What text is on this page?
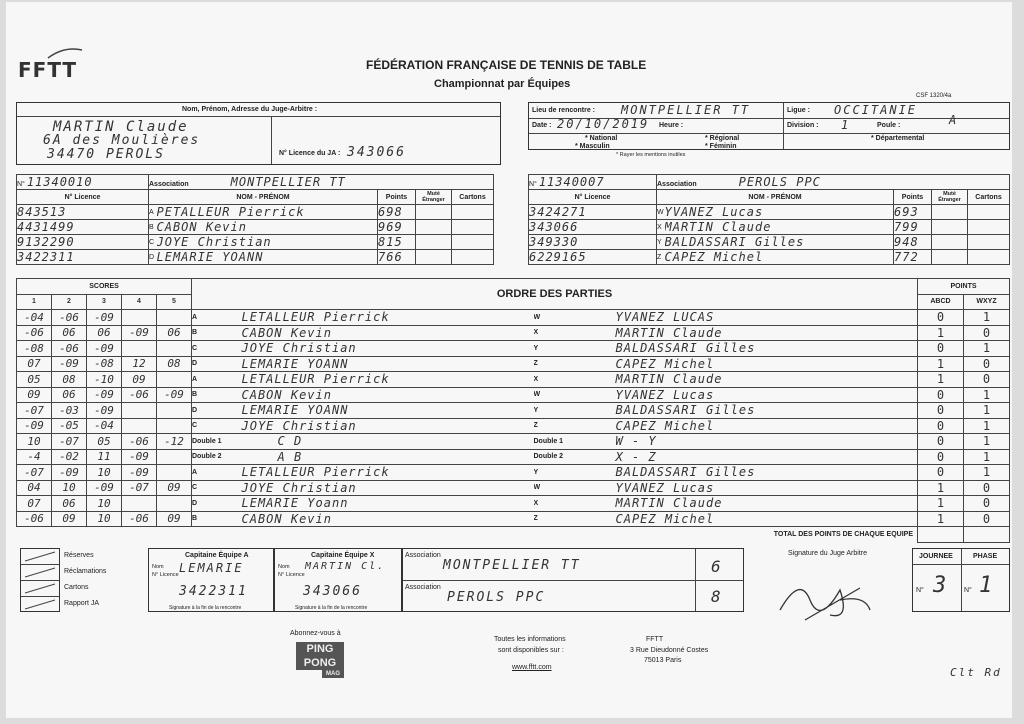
FFTT	FÉDÉRATION FRANÇAISE DE TENNIS DE TABLE
Championnat par Équipes
CSF 1320/4a
Nom, Prénom, Adresse du Juge-Arbitre :
MARTIN Claude
6A des Moulières
34470 PEROLS	N° Licence du JA : 343066
Lieu de rencontre : MONTPELLIER TT	Ligue : OCCITANIE
Date : 20/10/2019 Heure :	Division : 1	Poule :	A
* National	* Régional	* Départemental
* Masculin	* Féminin
* Rayer les mentions inutiles
N° 11340010	Association MONTPELLIER TT				
N° Licence	NOM - PRÉNOM		Points	Muté Étranger	Cartons
843513	A	PETALLEUR Pierrick	698		
4431499	B	CABON Kevin	969		
9132290	C	JOYE Christian	815		
3422311	D	LEMARIE YOANN	766		
N° 11340007	Association PEROLS PPC				
N° Licence	NOM - PRÉNOM		Points	Muté Étranger	Cartons
3424271	W	YVANEZ Lucas	693		
343066	X	MARTIN Claude	799		
349330	Y	BALDASSARI Gilles	948		
6229165	Z	CAPEZ Michel	772		
SCORES					ORDRE DES PARTIES				POINTS	
1	2	3	4	5					ABCD	WXYZ
-04	-06	-09			A	LETALLEUR Pierrick	W	YVANEZ LUCAS	0	1
-06	06	06	-09	06	B	CABON Kevin	X	MARTIN Claude	1	0
-08	-06	-09			C	JOYE Christian	Y	BALDASSARI Gilles	0	1
07	-09	-08	12	08	D	LEMARIE YOANN	Z	CAPEZ Michel	1	0
05	08	-10	09		A	LETALLEUR Pierrick	X	MARTIN Claude	1	0
09	06	-09	-06	-09	B	CABON Kevin	W	YVANEZ Lucas	0	1
-07	-03	-09			D	LEMARIE YOANN	Y	BALDASSARI Gilles	0	1
-09	-05	-04			C	JOYE Christian	Z	CAPEZ Michel	0	1
10	-07	05	-06	-12	Double 1	C D	Double 1	W - Y	0	1
-4	-02	11	-09		Double 2	A B	Double 2	X - Z	0	1
-07	-09	10	-09		A	LETALLEUR Pierrick	Y	BALDASSARI Gilles	0	1
04	10	-09	-07	09	C	JOYE Christian	W	YVANEZ Lucas	1	0
07	06	10			D	LEMARIE Yoann	X	MARTIN Claude	1	0
-06	09	10	-06	09	B	CABON Kevin	Z	CAPEZ Michel	1	0
TOTAL DES POINTS DE CHAQUE EQUIPE										
Réserves
Réclamations
Cartons
Rapport JA
Capitaine Équipe A
Nom
N° Licence LEMARIE
3422311
Signature à la fin de la rencontre
Capitaine Équipe X
Nom
N° Licence
MARTIN Cl.
343066
Signature à la fin de la rencontre
Association
MONTPELLIER TT	6
Association
PEROLS PPC	8
Signature du Juge Arbitre	JOURNEE	PHASE
N°	N°
3 1
Abonnez-vous à
PING
PONG
MAG
Toutes les informations
sont disponibles sur :
www.fftt.com
FFTT
3 Rue Dieudonné Costes
75013 Paris
Clt Rd
